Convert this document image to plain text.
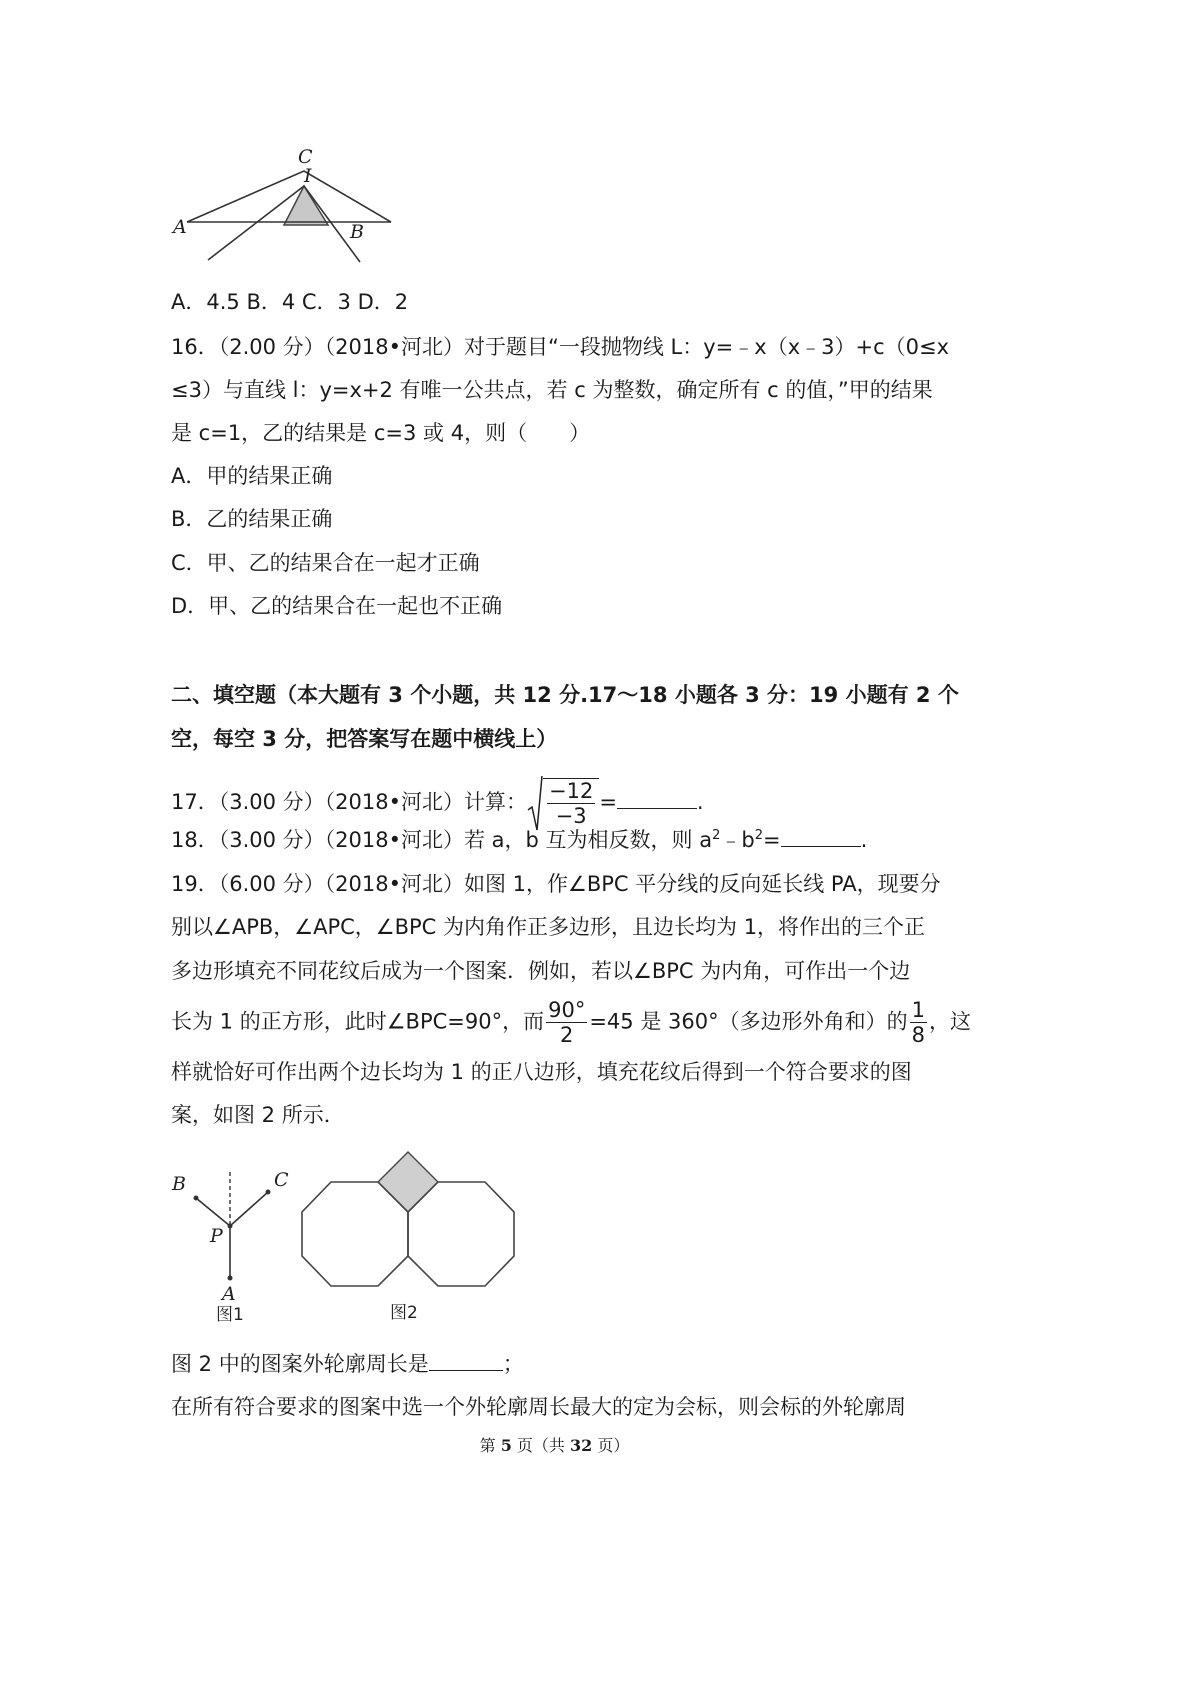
C
I
A	B
A．4.5 B．4 C．3 D．2
16．（2.00 分）（2018•河北）对于题目“一段抛物线 L：y=﹣x（x﹣3）+c（0≤x
≤3）与直线 l：y=x+2 有唯一公共点，若 c 为整数，确定所有 c 的值，”甲的结果
是 c=1，乙的结果是 c=3 或 4，则（　　）
A．甲的结果正确
B．乙的结果正确
C．甲、乙的结果合在一起才正确
D．甲、乙的结果合在一起也不正确
二、填空题（本大题有 3 个小题，共 12 分.17～18 小题各 3 分：19 小题有 2 个
空，每空 3 分，把答案写在题中横线上）
17．（3.00 分）（2018•河北）计算： $\frac{-12}{-3}$ =	.
18．（3.00 分）（2018•河北）若 a，b 互为相反数，则 $a^2﹣b^2=$	.
19．（6.00 分）（2018•河北）如图 1，作∠BPC 平分线的反向延长线 PA，现要分
别以∠APB，∠APC，∠BPC 为内角作正多边形，且边长均为 1，将作出的三个正
多边形填充不同花纹后成为一个图案．例如，若以∠BPC 为内角，可作出一个边
长为 1 的正方形，此时∠BPC=90°，而 $\frac{90^\circ}{2} =45$ 是 360°（多边形外角和）的 $\frac{1}{8}$ ，这
样就恰好可作出两个边长均为 1 的正八边形，填充花纹后得到一个符合要求的图
案，如图 2 所示．
B	C
P
A
图1	图2
图 2 中的图案外轮廓周长是	；
在所有符合要求的图案中选一个外轮廓周长最大的定为会标，则会标的外轮廓周
第 5 页（共 32 页）
